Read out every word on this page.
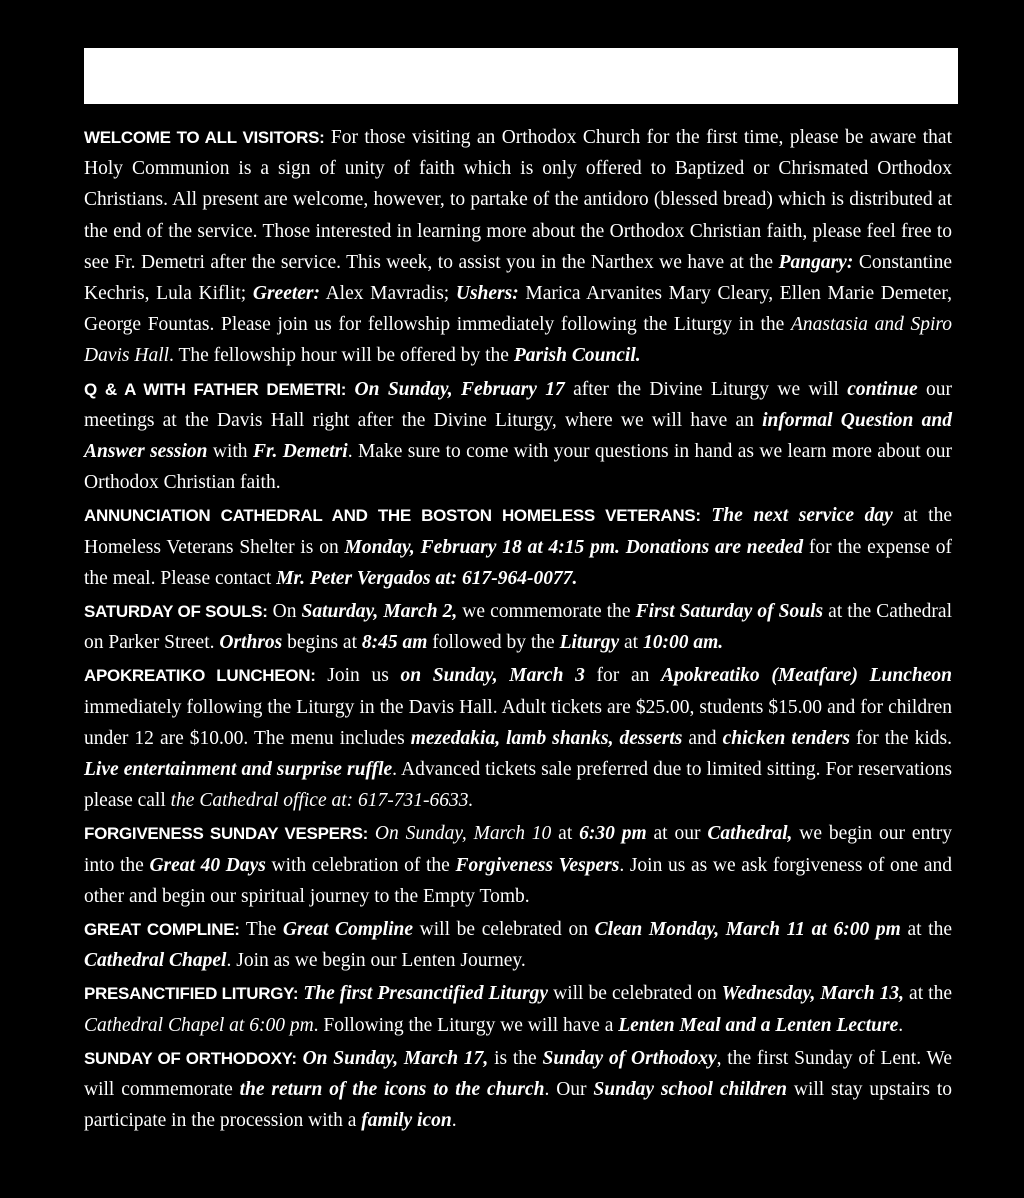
WELCOME TO ALL VISITORS: For those visiting an Orthodox Church for the first time, please be aware that Holy Communion is a sign of unity of faith which is only offered to Baptized or Chrismated Orthodox Christians. All present are welcome, however, to partake of the antidoro (blessed bread) which is distributed at the end of the service. Those interested in learning more about the Orthodox Christian faith, please feel free to see Fr. Demetri after the service. This week, to assist you in the Narthex we have at the Pangary: Constantine Kechris, Lula Kiflit; Greeter: Alex Mavradis; Ushers: Marica Arvanites Mary Cleary, Ellen Marie Demeter, George Fountas. Please join us for fellowship immediately following the Liturgy in the Anastasia and Spiro Davis Hall. The fellowship hour will be offered by the Parish Council.

Q & A WITH FATHER DEMETRI: On Sunday, February 17 after the Divine Liturgy we will continue our meetings at the Davis Hall right after the Divine Liturgy, where we will have an informal Question and Answer session with Fr. Demetri. Make sure to come with your questions in hand as we learn more about our Orthodox Christian faith.

ANNUNCIATION CATHEDRAL AND THE BOSTON HOMELESS VETERANS: The next service day at the Homeless Veterans Shelter is on Monday, February 18 at 4:15 pm. Donations are needed for the expense of the meal. Please contact Mr. Peter Vergados at: 617-964-0077.

SATURDAY OF SOULS: On Saturday, March 2, we commemorate the First Saturday of Souls at the Cathedral on Parker Street. Orthros begins at 8:45 am followed by the Liturgy at 10:00 am.

APOKREATIKO LUNCHEON: Join us on Sunday, March 3 for an Apokreatiko (Meatfare) Luncheon immediately following the Liturgy in the Davis Hall. Adult tickets are $25.00, students $15.00 and for children under 12 are $10.00. The menu includes mezedakia, lamb shanks, desserts and chicken tenders for the kids. Live entertainment and surprise ruffle. Advanced tickets sale preferred due to limited sitting. For reservations please call the Cathedral office at: 617-731-6633.

FORGIVENESS SUNDAY VESPERS: On Sunday, March 10 at 6:30 pm at our Cathedral, we begin our entry into the Great 40 Days with celebration of the Forgiveness Vespers. Join us as we ask forgiveness of one and other and begin our spiritual journey to the Empty Tomb.

GREAT COMPLINE: The Great Compline will be celebrated on Clean Monday, March 11 at 6:00 pm at the Cathedral Chapel. Join as we begin our Lenten Journey.

PRESANCTIFIED LITURGY: The first Presanctified Liturgy will be celebrated on Wednesday, March 13, at the Cathedral Chapel at 6:00 pm. Following the Liturgy we will have a Lenten Meal and a Lenten Lecture.

SUNDAY OF ORTHODOXY: On Sunday, March 17, is the Sunday of Orthodoxy, the first Sunday of Lent. We will commemorate the return of the icons to the church. Our Sunday school children will stay upstairs to participate in the procession with a family icon.
